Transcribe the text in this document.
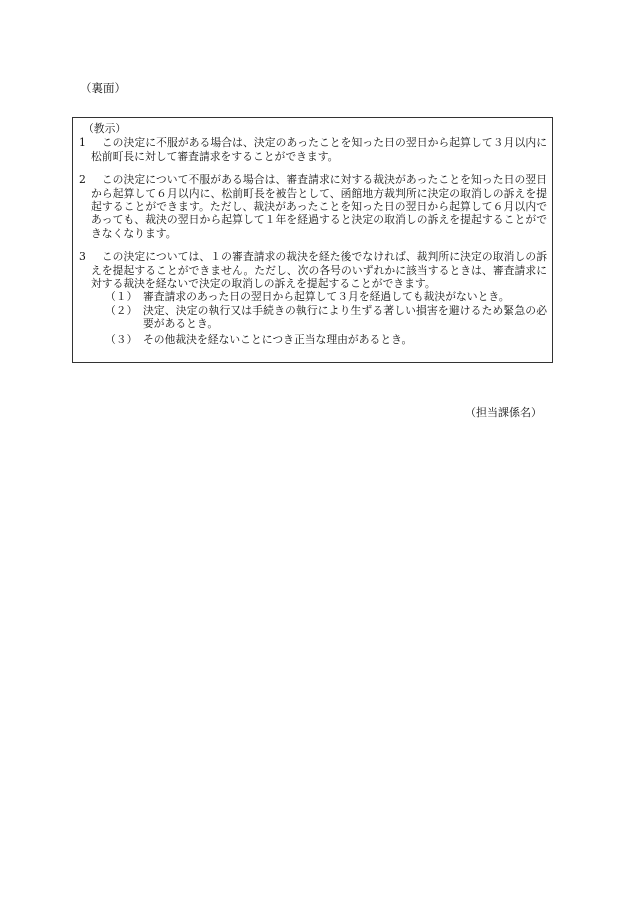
（裏面）
（教示）
1	この決定に不服がある場合は、決定のあったことを知った日の翌日から起算して３月以内に松前町長に対して審査請求をすることができます。
2	この決定について不服がある場合は、審査請求に対する裁決があったことを知った日の翌日から起算して６月以内に、松前町長を被告として、函館地方裁判所に決定の取消しの訴えを提起することができます。ただし、裁決があったことを知った日の翌日から起算して６月以内であっても、裁決の翌日から起算して１年を経過すると決定の取消しの訴えを提起することができなくなります。
3	この決定については、１の審査請求の裁決を経た後でなければ、裁判所に決定の取消しの訴えを提起することができません。ただし、次の各号のいずれかに該当するときは、審査請求に対する裁決を経ないで決定の取消しの訴えを提起することができます。
（１） 審査請求のあった日の翌日から起算して３月を経過しても裁決がないとき。
（２） 決定、決定の執行又は手続きの執行により生ずる著しい損害を避けるため緊急の必要があるとき。
（３） その他裁決を経ないことにつき正当な理由があるとき。
（担当課係名）
